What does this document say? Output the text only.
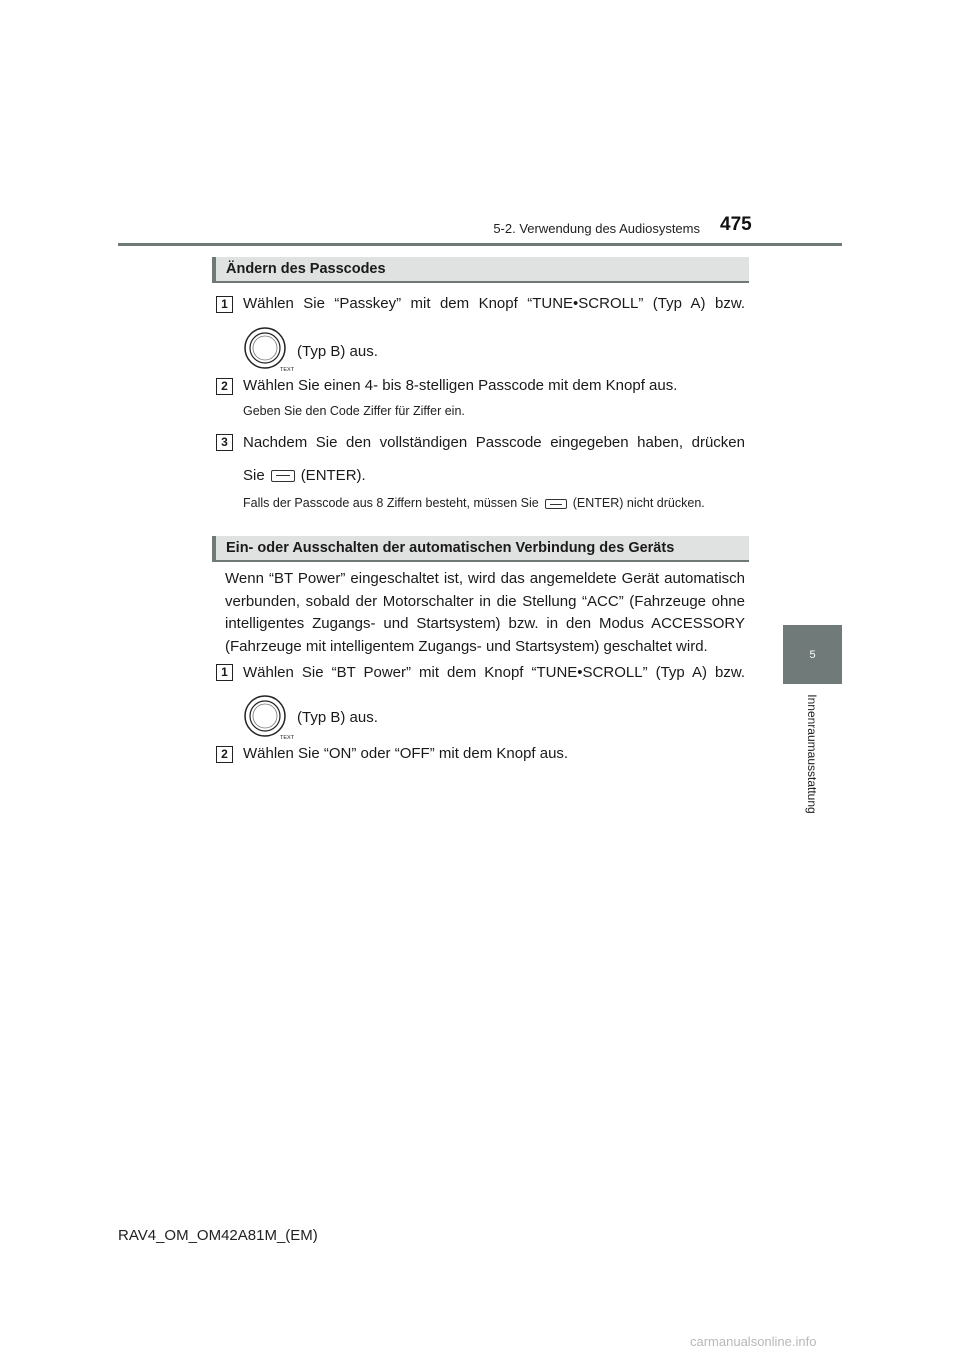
5-2. Verwendung des Audiosystems 475
5
Innenraumausstattung
Ändern des Passcodes
1	Wählen Sie “Passkey” mit dem Knopf “TUNE•SCROLL” (Typ A) bzw.
TEXT
(Typ B) aus.
2	Wählen Sie einen 4- bis 8-stelligen Passcode mit dem Knopf aus.
Geben Sie den Code Ziffer für Ziffer ein.
3	Nachdem Sie den vollständigen Passcode eingegeben haben, drücken
Sie (ENTER).
Falls der Passcode aus 8 Ziffern besteht, müssen Sie	(ENTER) nicht drücken.
Ein- oder Ausschalten der automatischen Verbindung des Geräts
Wenn “BT Power” eingeschaltet ist, wird das angemeldete Gerät automatisch verbunden, sobald der Motorschalter in die Stellung “ACC” (Fahrzeuge ohne intelligentes Zugangs- und Startsystem) bzw. in den Modus ACCESSORY (Fahrzeuge mit intelligentem Zugangs- und Startsystem) geschaltet wird.
1	Wählen Sie “BT Power” mit dem Knopf “TUNE•SCROLL” (Typ A) bzw.
TEXT
(Typ B) aus.
2	Wählen Sie “ON” oder “OFF” mit dem Knopf aus.
RAV4_OM_OM42A81M_(EM)
carmanualsonline.info
